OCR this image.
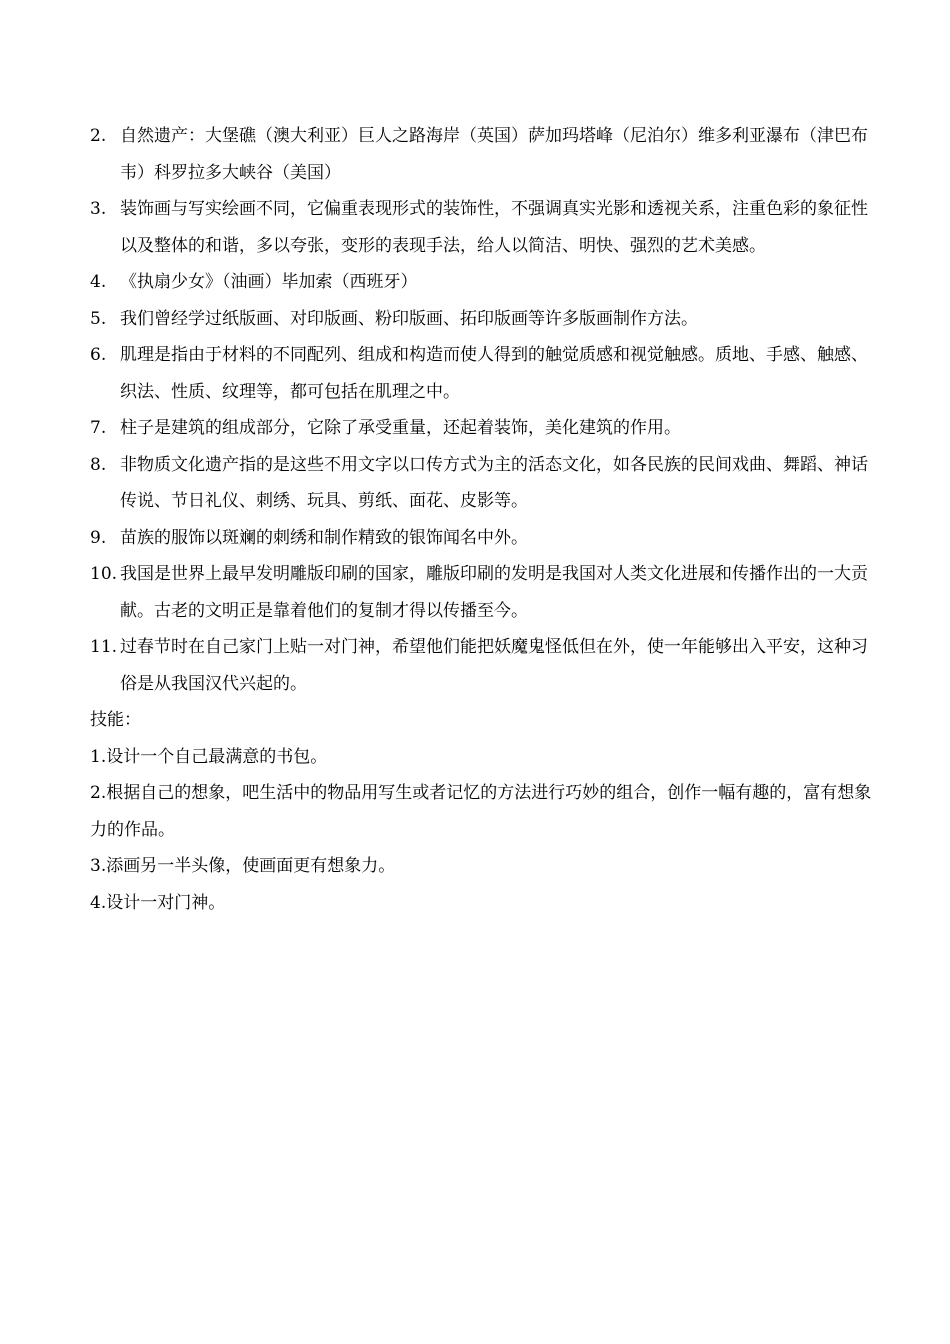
2. 自然遗产：大堡礁（澳大利亚）巨人之路海岸（英国）萨加玛塔峰（尼泊尔）维多利亚瀑布（津巴布韦）科罗拉多大峡谷（美国）
3. 装饰画与写实绘画不同，它偏重表现形式的装饰性，不强调真实光影和透视关系，注重色彩的象征性以及整体的和谐，多以夸张，变形的表现手法，给人以简洁、明快、强烈的艺术美感。
4. 《执扇少女》（油画）毕加索（西班牙）
5. 我们曾经学过纸版画、对印版画、粉印版画、拓印版画等许多版画制作方法。
6. 肌理是指由于材料的不同配列、组成和构造而使人得到的触觉质感和视觉触感。质地、手感、触感、织法、性质、纹理等，都可包括在肌理之中。
7. 柱子是建筑的组成部分，它除了承受重量，还起着装饰，美化建筑的作用。
8. 非物质文化遗产指的是这些不用文字以口传方式为主的活态文化，如各民族的民间戏曲、舞蹈、神话传说、节日礼仪、刺绣、玩具、剪纸、面花、皮影等。
9. 苗族的服饰以斑斓的刺绣和制作精致的银饰闻名中外。
10. 我国是世界上最早发明雕版印刷的国家，雕版印刷的发明是我国对人类文化进展和传播作出的一大贡献。古老的文明正是靠着他们的复制才得以传播至今。
11. 过春节时在自己家门上贴一对门神，希望他们能把妖魔鬼怪低但在外，使一年能够出入平安，这种习俗是从我国汉代兴起的。
技能：
1.设计一个自己最满意的书包。
2.根据自己的想象，吧生活中的物品用写生或者记忆的方法进行巧妙的组合，创作一幅有趣的，富有想象力的作品。
3.添画另一半头像，使画面更有想象力。
4.设计一对门神。
